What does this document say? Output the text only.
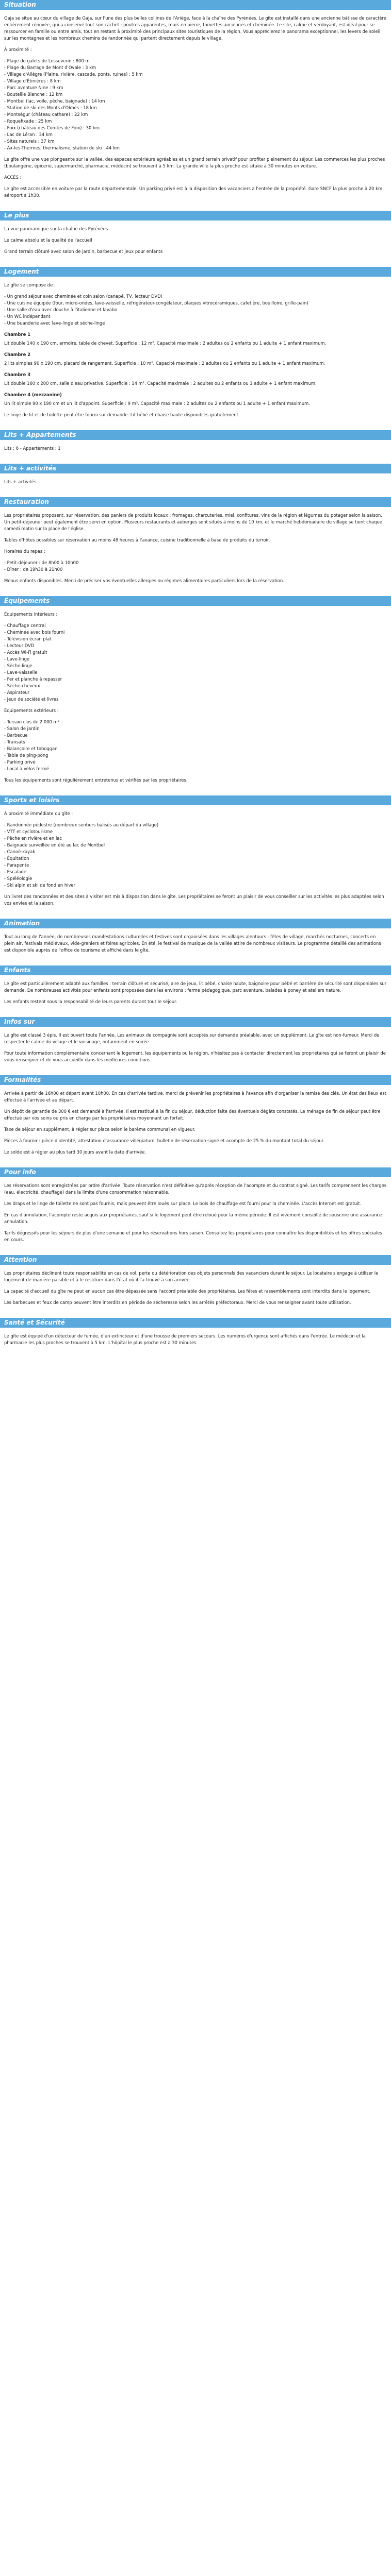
Situation

Gaja se situe au cœur du village de Gaja, sur l'une des plus belles collines de l'Ariège, face à la chaîne des Pyrénées. Le gîte est installé dans une ancienne bâtisse de caractère entièrement rénovée, qui a conservé tout son cachet : poutres apparentes, murs en pierre, tomettes anciennes et cheminée. Le site, calme et verdoyant, est idéal pour se ressourcer en famille ou entre amis, tout en restant à proximité des principaux sites touristiques de la région. Vous apprécierez le panorama exceptionnel, les levers de soleil sur les montagnes et les nombreux chemins de randonnée qui partent directement depuis le village.

À proximité :

- Plage de galets de Lesseverin : 800 m
- Plage du Barrage de Mont d'Ovale : 3 km
- Village d'Allègre (Plaine, rivière, cascade, ponts, ruines) : 5 km
- Village d'Étinières : 8 km
- Parc aventure Nine : 9 km
- Bouteille Blanche : 12 km
- Montbel (lac, voile, pêche, baignade) : 14 km
- Station de ski des Monts d'Olmes : 18 km
- Montségur (château cathare) : 22 km
- Roquefixade : 25 km
- Foix (château des Comtes de Foix) : 30 km
- Lac de Léran : 34 km
- Sites naturels : 37 km
- Ax-les-Thermes, thermalisme, station de ski : 44 km

Le gîte offre une vue plongeante sur la vallée, des espaces extérieurs agréables et un grand terrain privatif pour profiter pleinement du séjour. Les commerces les plus proches (boulangerie, épicerie, supermarché, pharmacie, médecin) se trouvent à 5 km. La grande ville la plus proche est située à 30 minutes en voiture.

ACCÈS :

Le gîte est accessible en voiture par la route départementale. Un parking privé est à la disposition des vacanciers à l'entrée de la propriété. Gare SNCF la plus proche à 20 km, aéroport à 1h30.

Le plus

La vue panoramique sur la chaîne des Pyrénées

Le calme absolu et la qualité de l'accueil

Grand terrain clôturé avec salon de jardin, barbecue et jeux pour enfants

Logement

Le gîte se compose de :

- Un grand séjour avec cheminée et coin salon (canapé, TV, lecteur DVD)
- Une cuisine équipée (four, micro-ondes, lave-vaisselle, réfrigérateur-congélateur, plaques vitrocéramiques, cafetière, bouilloire, grille-pain)
- Une salle d'eau avec douche à l'italienne et lavabo
- Un WC indépendant
- Une buanderie avec lave-linge et sèche-linge

Chambre 1

Lit double 140 x 190 cm, armoire, table de chevet. Superficie : 12 m². Capacité maximale : 2 adultes ou 2 enfants ou 1 adulte + 1 enfant maximum.

Chambre 2

2 lits simples 90 x 190 cm, placard de rangement. Superficie : 10 m². Capacité maximale : 2 adultes ou 2 enfants ou 1 adulte + 1 enfant maximum.

Chambre 3

Lit double 160 x 200 cm, salle d'eau privative. Superficie : 14 m². Capacité maximale : 2 adultes ou 2 enfants ou 1 adulte + 1 enfant maximum.

Chambre 4 (mezzanine)

Un lit simple 90 x 190 cm et un lit d'appoint. Superficie : 9 m². Capacité maximale : 2 adultes ou 2 enfants ou 1 adulte + 1 enfant maximum.

Le linge de lit et de toilette peut être fourni sur demande. Lit bébé et chaise haute disponibles gratuitement.

Lits + Appartements

Lits : 6 - Appartements : 1

Lits + activités

Lits + activités

Restauration

Les propriétaires proposent, sur réservation, des paniers de produits locaux : fromages, charcuteries, miel, confitures, vins de la région et légumes du potager selon la saison. Un petit-déjeuner peut également être servi en option. Plusieurs restaurants et auberges sont situés à moins de 10 km, et le marché hebdomadaire du village se tient chaque samedi matin sur la place de l'église.

Tables d'hôtes possibles sur réservation au moins 48 heures à l'avance, cuisine traditionnelle à base de produits du terroir.

Horaires du repas :

- Petit-déjeuner : de 8h00 à 10h00
- Dîner : de 19h30 à 21h00

Menus enfants disponibles. Merci de préciser vos éventuelles allergies ou régimes alimentaires particuliers lors de la réservation.

Équipements

Équipements intérieurs :

- Chauffage central
- Cheminée avec bois fourni
- Télévision écran plat
- Lecteur DVD
- Accès Wi-Fi gratuit
- Lave-linge
- Sèche-linge
- Lave-vaisselle
- Fer et planche à repasser
- Sèche-cheveux
- Aspirateur
- Jeux de société et livres

Équipements extérieurs :

- Terrain clos de 2 000 m²
- Salon de jardin
- Barbecue
- Transats
- Balançoire et toboggan
- Table de ping-pong
- Parking privé
- Local à vélos fermé

Tous les équipements sont régulièrement entretenus et vérifiés par les propriétaires.

Sports et loisirs

À proximité immédiate du gîte :

- Randonnée pédestre (nombreux sentiers balisés au départ du village)
- VTT et cyclotourisme
- Pêche en rivière et en lac
- Baignade surveillée en été au lac de Montbel
- Canoë-kayak
- Équitation
- Parapente
- Escalade
- Spéléologie
- Ski alpin et ski de fond en hiver

Un livret des randonnées et des sites à visiter est mis à disposition dans le gîte. Les propriétaires se feront un plaisir de vous conseiller sur les activités les plus adaptées selon vos envies et la saison.

Animation

Tout au long de l'année, de nombreuses manifestations culturelles et festives sont organisées dans les villages alentours : fêtes de village, marchés nocturnes, concerts en plein air, festivals médiévaux, vide-greniers et foires agricoles. En été, le festival de musique de la vallée attire de nombreux visiteurs. Le programme détaillé des animations est disponible auprès de l'office de tourisme et affiché dans le gîte.

Enfants

Le gîte est particulièrement adapté aux familles : terrain clôturé et sécurisé, aire de jeux, lit bébé, chaise haute, baignoire pour bébé et barrière de sécurité sont disponibles sur demande. De nombreuses activités pour enfants sont proposées dans les environs : ferme pédagogique, parc aventure, balades à poney et ateliers nature.

Les enfants restent sous la responsabilité de leurs parents durant tout le séjour.

Infos sur

Le gîte est classé 3 épis. Il est ouvert toute l'année. Les animaux de compagnie sont acceptés sur demande préalable, avec un supplément. Le gîte est non-fumeur. Merci de respecter le calme du village et le voisinage, notamment en soirée.

Pour toute information complémentaire concernant le logement, les équipements ou la région, n'hésitez pas à contacter directement les propriétaires qui se feront un plaisir de vous renseigner et de vous accueillir dans les meilleures conditions.

Formalités

Arrivée à partir de 16h00 et départ avant 10h00. En cas d'arrivée tardive, merci de prévenir les propriétaires à l'avance afin d'organiser la remise des clés. Un état des lieux est effectué à l'arrivée et au départ.

Un dépôt de garantie de 300 € est demandé à l'arrivée. Il est restitué à la fin du séjour, déduction faite des éventuels dégâts constatés. Le ménage de fin de séjour peut être effectué par vos soins ou pris en charge par les propriétaires moyennant un forfait.

Taxe de séjour en supplément, à régler sur place selon le barème communal en vigueur.

Pièces à fournir : pièce d'identité, attestation d'assurance villégiature, bulletin de réservation signé et acompte de 25 % du montant total du séjour.

Le solde est à régler au plus tard 30 jours avant la date d'arrivée.

Pour info

Les réservations sont enregistrées par ordre d'arrivée. Toute réservation n'est définitive qu'après réception de l'acompte et du contrat signé. Les tarifs comprennent les charges (eau, électricité, chauffage) dans la limite d'une consommation raisonnable.

Les draps et le linge de toilette ne sont pas fournis, mais peuvent être loués sur place. Le bois de chauffage est fourni pour la cheminée. L'accès Internet est gratuit.

En cas d'annulation, l'acompte reste acquis aux propriétaires, sauf si le logement peut être reloué pour la même période. Il est vivement conseillé de souscrire une assurance annulation.

Tarifs dégressifs pour les séjours de plus d'une semaine et pour les réservations hors saison. Consultez les propriétaires pour connaître les disponibilités et les offres spéciales en cours.

Attention

Les propriétaires déclinent toute responsabilité en cas de vol, perte ou détérioration des objets personnels des vacanciers durant le séjour. Le locataire s'engage à utiliser le logement de manière paisible et à le restituer dans l'état où il l'a trouvé à son arrivée.

La capacité d'accueil du gîte ne peut en aucun cas être dépassée sans l'accord préalable des propriétaires. Les fêtes et rassemblements sont interdits dans le logement.

Les barbecues et feux de camp peuvent être interdits en période de sécheresse selon les arrêtés préfectoraux. Merci de vous renseigner avant toute utilisation.

Santé et Sécurité

Le gîte est équipé d'un détecteur de fumée, d'un extincteur et d'une trousse de premiers secours. Les numéros d'urgence sont affichés dans l'entrée. Le médecin et la pharmacie les plus proches se trouvent à 5 km. L'hôpital le plus proche est à 30 minutes.
